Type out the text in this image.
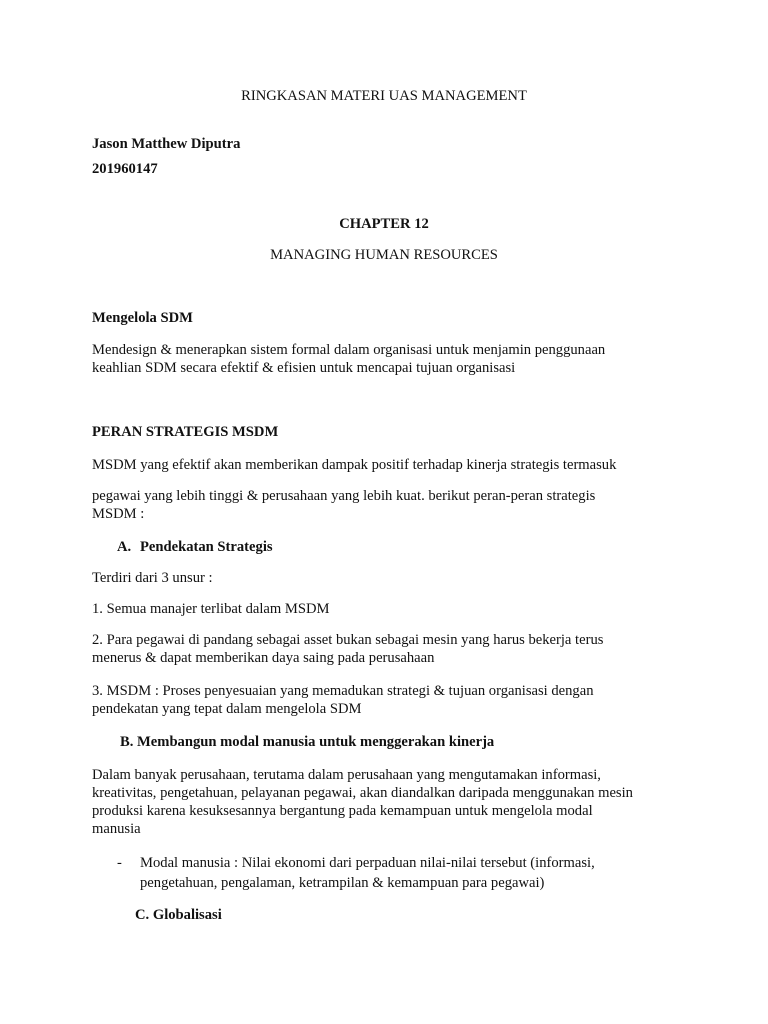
RINGKASAN MATERI UAS MANAGEMENT
Jason Matthew Diputra
201960147
CHAPTER 12
MANAGING HUMAN RESOURCES
Mengelola SDM
Mendesign & menerapkan sistem formal dalam organisasi untuk menjamin penggunaan
keahlian SDM secara efektif & efisien untuk mencapai tujuan organisasi
PERAN STRATEGIS MSDM
MSDM yang efektif akan memberikan dampak positif terhadap kinerja strategis termasuk
pegawai yang lebih tinggi & perusahaan yang lebih kuat. berikut peran-peran strategis
MSDM :
A. Pendekatan Strategis
Terdiri dari 3 unsur :
1. Semua manajer terlibat dalam MSDM
2. Para pegawai di pandang sebagai asset bukan sebagai mesin yang harus bekerja terus
menerus & dapat memberikan daya saing pada perusahaan
3. MSDM : Proses penyesuaian yang memadukan strategi & tujuan organisasi dengan
pendekatan yang tepat dalam mengelola SDM
B. Membangun modal manusia untuk menggerakan kinerja
Dalam banyak perusahaan, terutama dalam perusahaan yang mengutamakan informasi,
kreativitas, pengetahuan, pelayanan pegawai, akan diandalkan daripada menggunakan mesin
produksi karena kesuksesannya bergantung pada kemampuan untuk mengelola modal
manusia
- Modal manusia : Nilai ekonomi dari perpaduan nilai-nilai tersebut (informasi,
pengetahuan, pengalaman, ketrampilan & kemampuan para pegawai)
C. Globalisasi
